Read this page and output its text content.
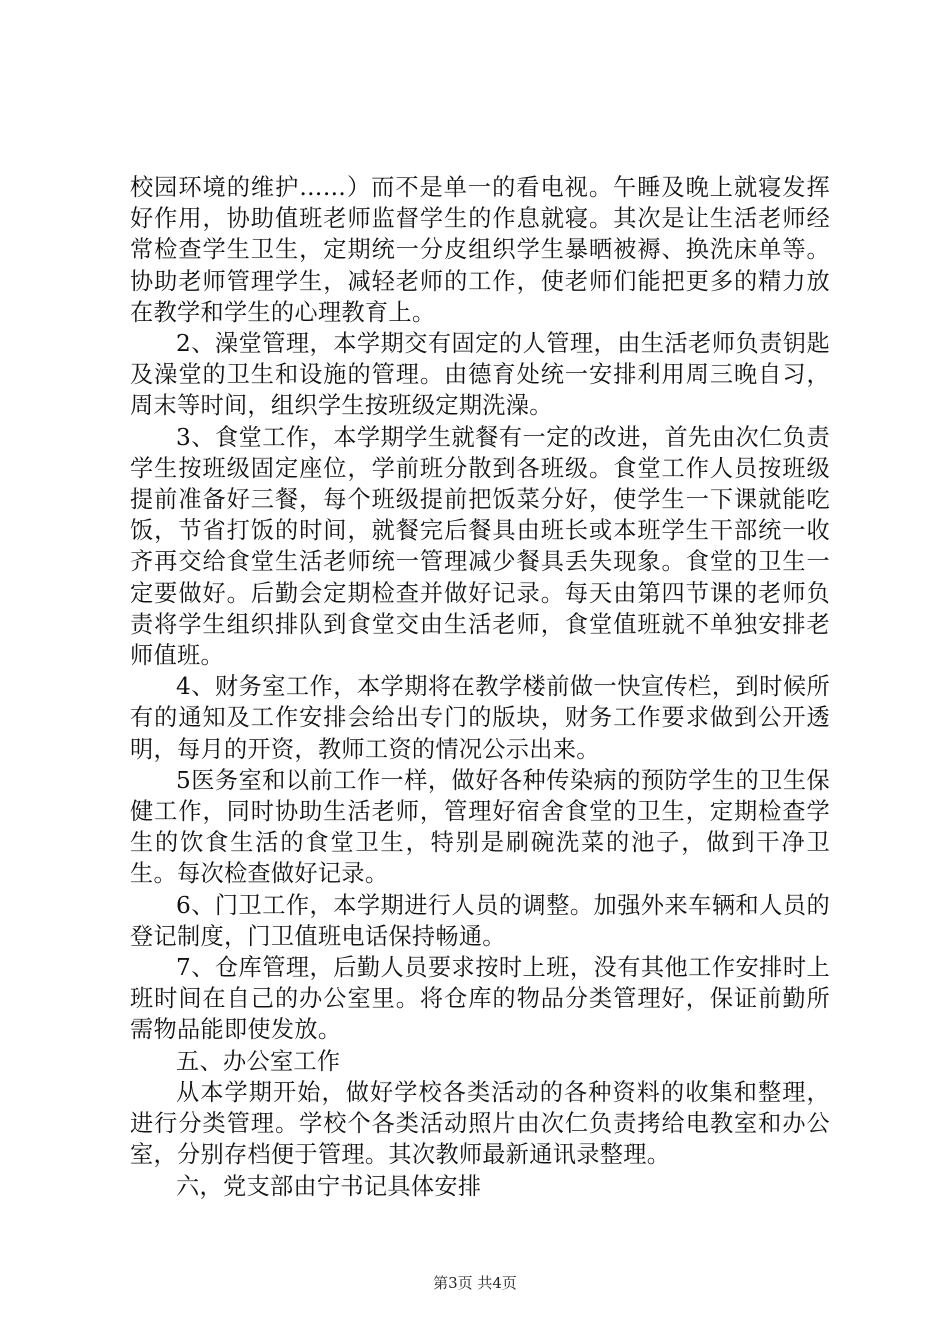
校园环境的维护……）而不是单一的看电视。午睡及晚上就寝发挥好作用，协助值班老师监督学生的作息就寝。其次是让生活老师经常检查学生卫生，定期统一分皮组织学生暴晒被褥、换洗床单等。协助老师管理学生，减轻老师的工作，使老师们能把更多的精力放在教学和学生的心理教育上。

2、澡堂管理，本学期交有固定的人管理，由生活老师负责钥匙及澡堂的卫生和设施的管理。由德育处统一安排利用周三晚自习，周末等时间，组织学生按班级定期洗澡。

3、食堂工作，本学期学生就餐有一定的改进，首先由次仁负责学生按班级固定座位，学前班分散到各班级。食堂工作人员按班级提前准备好三餐，每个班级提前把饭菜分好，使学生一下课就能吃饭，节省打饭的时间，就餐完后餐具由班长或本班学生干部统一收齐再交给食堂生活老师统一管理减少餐具丢失现象。食堂的卫生一定要做好。后勤会定期检查并做好记录。每天由第四节课的老师负责将学生组织排队到食堂交由生活老师，食堂值班就不单独安排老师值班。

4、财务室工作，本学期将在教学楼前做一快宣传栏，到时候所有的通知及工作安排会给出专门的版块，财务工作要求做到公开透明，每月的开资，教师工资的情况公示出来。

5医务室和以前工作一样，做好各种传染病的预防学生的卫生保健工作，同时协助生活老师，管理好宿舍食堂的卫生，定期检查学生的饮食生活的食堂卫生，特别是刷碗洗菜的池子，做到干净卫生。每次检查做好记录。

6、门卫工作，本学期进行人员的调整。加强外来车辆和人员的登记制度，门卫值班电话保持畅通。

7、仓库管理，后勤人员要求按时上班，没有其他工作安排时上班时间在自己的办公室里。将仓库的物品分类管理好，保证前勤所需物品能即使发放。

五、办公室工作

从本学期开始，做好学校各类活动的各种资料的收集和整理，进行分类管理。学校个各类活动照片由次仁负责拷给电教室和办公室，分别存档便于管理。其次教师最新通讯录整理。

六，党支部由宁书记具体安排

第3页 共4页
